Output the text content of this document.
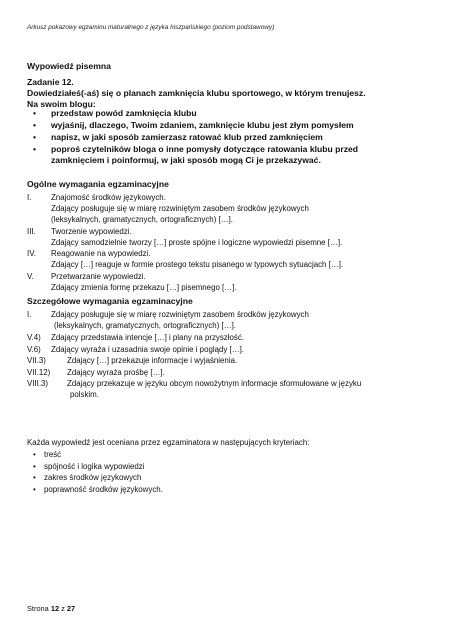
Arkusz pokazowy egzaminu maturalnego z języka hiszpańskiego (poziom podstawowy)
Wypowiedź pisemna
Zadanie 12.
Dowiedziałeś(-aś) się o planach zamknięcia klubu sportowego, w którym trenujesz.
Na swoim blogu:
• przedstaw powód zamknięcia klubu
• wyjaśnij, dlaczego, Twoim zdaniem, zamknięcie klubu jest złym pomysłem
• napisz, w jaki sposób zamierzasz ratować klub przed zamknięciem
• poproś czytelników bloga o inne pomysły dotyczące ratowania klubu przed
zamknięciem i poinformuj, w jaki sposób mogą Ci je przekazywać.
Ogólne wymagania egzaminacyjne
I. Znajomość środków językowych.
Zdający posługuje się w miarę rozwiniętym zasobem środków językowych
(leksykalnych, gramatycznych, ortograficznych) […].
III. Tworzenie wypowiedzi.
Zdający samodzielnie tworzy […] proste spójne i logiczne wypowiedzi pisemne […].
IV. Reagowanie na wypowiedzi.
Zdający […] reaguje w formie prostego tekstu pisanego w typowych sytuacjach […].
V. Przetwarzanie wypowiedzi.
Zdający zmienia formę przekazu […] pisemnego […].
Szczegółowe wymagania egzaminacyjne
I. Zdający posługuje się w miarę rozwiniętym zasobem środków językowych
(leksykalnych, gramatycznych, ortograficznych) […].
V.4) Zdający przedstawia intencje […] i plany na przyszłość.
V.6) Zdający wyraża i uzasadnia swoje opinie i poglądy […].
VII.3)	Zdający […] przekazuje informacje i wyjaśnienia.
VII.12) Zdający wyraża prośbę […].
VIII.3) Zdający przekazuje w języku obcym nowożytnym informacje sformułowane w języku
polskim.
Każda wypowiedź jest oceniana przez egzaminatora w następujących kryteriach:
• treść
• spójność i logika wypowiedzi
• zakres środków językowych
• poprawność środków językowych.
Strona 12 z 27
